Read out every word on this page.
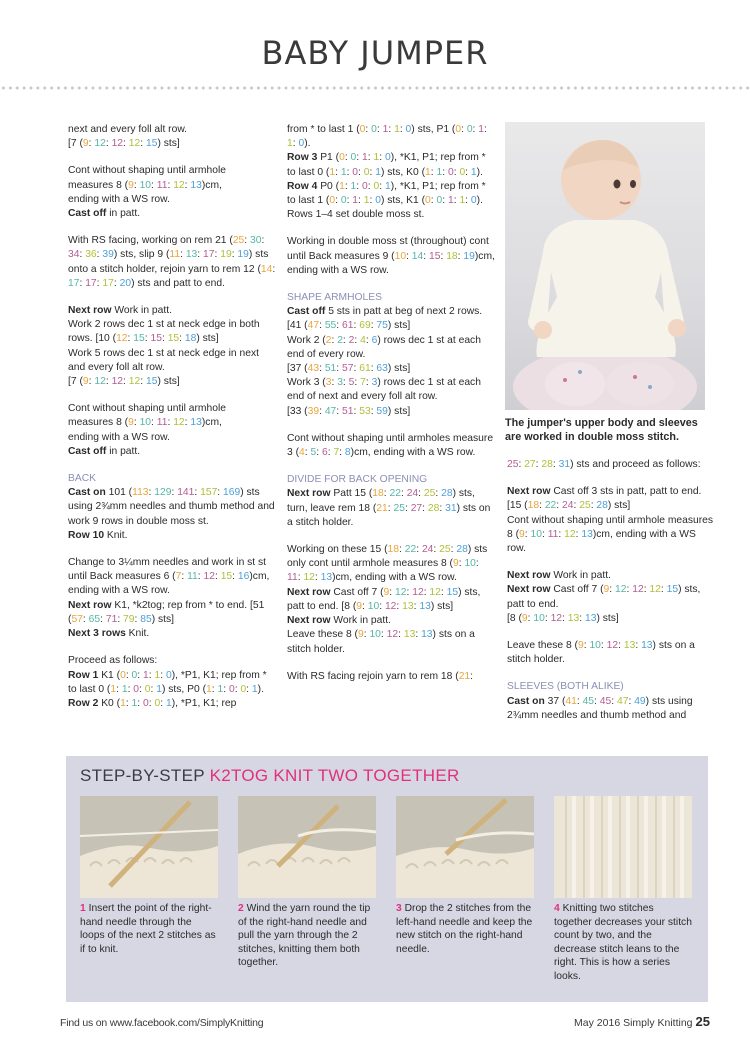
BABY JUMPER

next and every foll alt row.
[7 (9: 12: 12: 12: 15) sts]

Cont without shaping until armhole
measures 8 (9: 10: 11: 12: 13)cm,
ending with a WS row.
Cast off in patt.

With RS facing, working on rem 21 (25: 30: 34: 36: 39) sts, slip 9 (11: 13: 17: 19: 19) sts onto a stitch holder, rejoin yarn to rem 12 (14: 17: 17: 17: 20) sts and patt to end.

Next row Work in patt.
Work 2 rows dec 1 st at neck edge in both rows. [10 (12: 15: 15: 15: 18) sts]
Work 5 rows dec 1 st at neck edge in next and every foll alt row.
[7 (9: 12: 12: 12: 15) sts]

Cont without shaping until armhole
measures 8 (9: 10: 11: 12: 13)cm,
ending with a WS row.
Cast off in patt.

BACK

Cast on 101 (113: 129: 141: 157: 169) sts using 2¾mm needles and thumb method and work 9 rows in double moss st.
Row 10 Knit.

Change to 3¼mm needles and work in st st until Back measures 6 (7: 11: 12: 15: 16)cm, ending with a WS row.
Next row K1, *k2tog; rep from * to end. [51 (57: 65: 71: 79: 85) sts]
Next 3 rows Knit.

Proceed as follows:
Row 1 K1 (0: 0: 1: 1: 0), *P1, K1; rep from * to last 0 (1: 1: 0: 0: 1) sts, P0 (1: 1: 0: 0: 1).
Row 2 K0 (1: 1: 0: 0: 1), *P1, K1; rep

from * to last 1 (0: 0: 1: 1: 0) sts, P1 (0: 0: 1: 1: 0).
Row 3 P1 (0: 0: 1: 1: 0), *K1, P1; rep from * to last 0 (1: 1: 0: 0: 1) sts, K0 (1: 1: 0: 0: 1).
Row 4 P0 (1: 1: 0: 0: 1), *K1, P1; rep from * to last 1 (0: 0: 1: 1: 0) sts, K1 (0: 0: 1: 1: 0).
Rows 1–4 set double moss st.

Working in double moss st (throughout) cont until Back measures 9 (10: 14: 15: 18: 19)cm, ending with a WS row.

SHAPE ARMHOLES

Cast off 5 sts in patt at beg of next 2 rows. [41 (47: 55: 61: 69: 75) sts]
Work 2 (2: 2: 2: 4: 6) rows dec 1 st at each end of every row.
[37 (43: 51: 57: 61: 63) sts]
Work 3 (3: 3: 5: 7: 3) rows dec 1 st at each end of next and every foll alt row.
[33 (39: 47: 51: 53: 59) sts]

Cont without shaping until armholes measure 3 (4: 5: 6: 7: 8)cm, ending with a WS row.

DIVIDE FOR BACK OPENING

Next row Patt 15 (18: 22: 24: 25: 28) sts, turn, leave rem 18 (21: 25: 27: 28: 31) sts on a stitch holder.

Working on these 15 (18: 22: 24: 25: 28) sts only cont until armhole measures 8 (9: 10: 11: 12: 13)cm, ending with a WS row.
Next row Cast off 7 (9: 12: 12: 12: 15) sts, patt to end. [8 (9: 10: 12: 13: 13) sts]
Next row Work in patt.
Leave these 8 (9: 10: 12: 13: 13) sts on a stitch holder.

With RS facing rejoin yarn to rem 18 (21:

The jumper's upper body and sleeves are worked in double moss stitch.

25: 27: 28: 31) sts and proceed as follows:

Next row Cast off 3 sts in patt, patt to end. [15 (18: 22: 24: 25: 28) sts]
Cont without shaping until armhole measures 8 (9: 10: 11: 12: 13)cm, ending with a WS row.

Next row Work in patt.
Next row Cast off 7 (9: 12: 12: 12: 15) sts, patt to end.
[8 (9: 10: 12: 13: 13) sts]

Leave these 8 (9: 10: 12: 13: 13) sts on a stitch holder.

SLEEVES (BOTH ALIKE)

Cast on 37 (41: 45: 45: 47: 49) sts using 2¾mm needles and thumb method and

STEP-BY-STEP K2TOG KNIT TWO TOGETHER
1 Insert the point of the right-hand needle through the loops of the next 2 stitches as if to knit.
2 Wind the yarn round the tip of the right-hand needle and pull the yarn through the 2 stitches, knitting them both together.
3 Drop the 2 stitches from the left-hand needle and keep the new stitch on the right-hand needle.
4 Knitting two stitches together decreases your stitch count by two, and the decrease stitch leans to the right. This is how a series looks.
Find us on www.facebook.com/SimplyKnitting	May 2016 Simply Knitting 25
